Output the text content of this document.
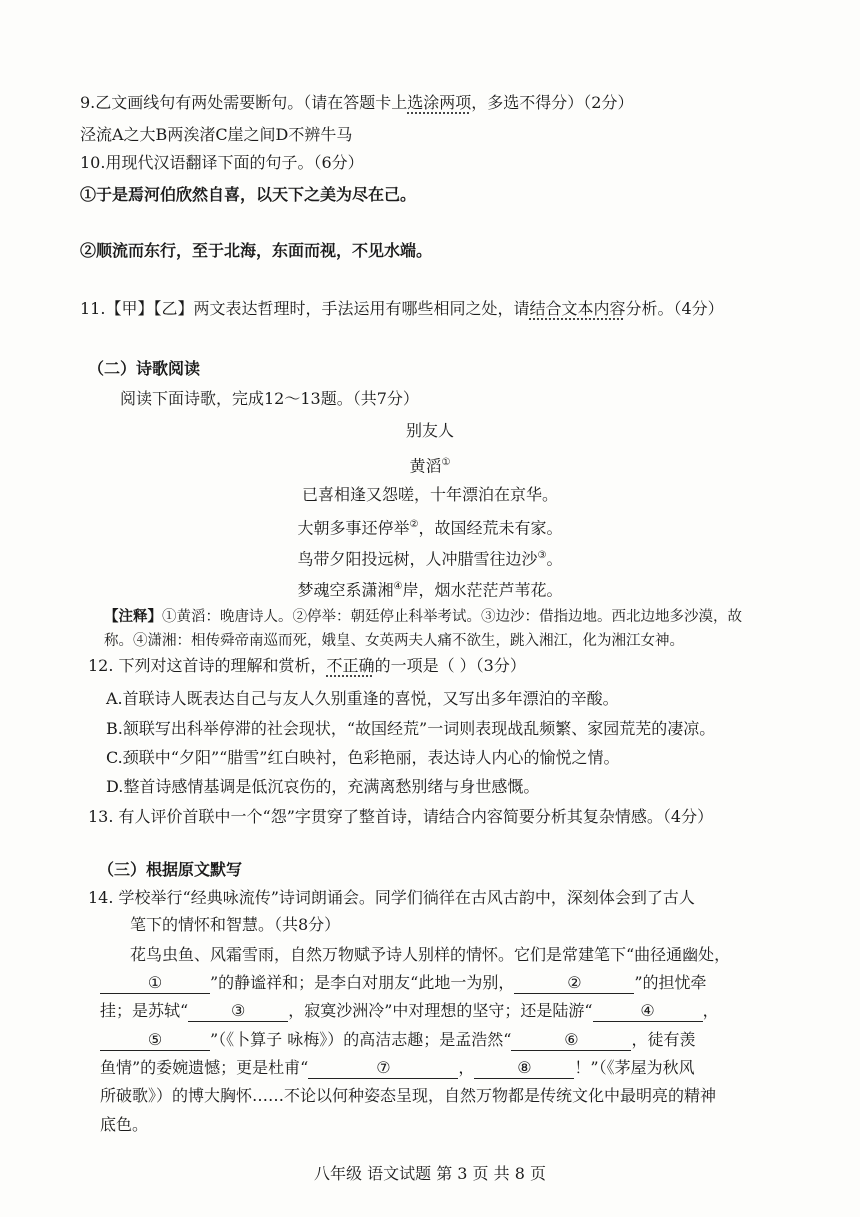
9.乙文画线句有两处需要断句。（请在答题卡上选涂两项，多选不得分）（2分）
泾流A之大B两涘渚C崖之间D不辨牛马
10.用现代汉语翻译下面的句子。（6分）
①于是焉河伯欣然自喜，以天下之美为尽在己。
②顺流而东行，至于北海，东面而视，不见水端。
11.【甲】【乙】两文表达哲理时，手法运用有哪些相同之处，请结合文本内容分析。（4分）
（二）诗歌阅读
阅读下面诗歌，完成12～13题。（共7分）
别友人
黄滔①
已喜相逢又怨嗟，十年漂泊在京华。
大朝多事还停举②，故国经荒未有家。
鸟带夕阳投远树，人冲腊雪往边沙③。
梦魂空系潇湘④岸，烟水茫茫芦苇花。
【注释】①黄滔：晚唐诗人。②停举：朝廷停止科举考试。③边沙：借指边地。西北边地多沙漠，故
称。④潇湘：相传舜帝南巡而死，娥皇、女英两夫人痛不欲生，跳入湘江，化为湘江女神。
12. 下列对这首诗的理解和赏析，不正确的一项是（ ）（3分）
A.首联诗人既表达自己与友人久别重逢的喜悦，又写出多年漂泊的辛酸。
B.颔联写出科举停滞的社会现状，“故国经荒”一词则表现战乱频繁、家园荒芜的凄凉。
C.颈联中“夕阳”“腊雪”红白映衬，色彩艳丽，表达诗人内心的愉悦之情。
D.整首诗感情基调是低沉哀伤的，充满离愁别绪与身世感慨。
13. 有人评价首联中一个“怨”字贯穿了整首诗，请结合内容简要分析其复杂情感。（4分）
（三）根据原文默写
14. 学校举行“经典咏流传”诗词朗诵会。同学们徜徉在古风古韵中，深刻体会到了古人
笔下的情怀和智慧。（共8分）
花鸟虫鱼、风霜雪雨，自然万物赋予诗人别样的情怀。它们是常建笔下“曲径通幽处，
①	”的静谧祥和；是李白对朋友“此地一为别，	②	”的担忧牵
挂；是苏轼“	③	，寂寞沙洲冷”中对理想的坚守；还是陆游“	④	，
⑤	”（《卜算子 咏梅》）的高洁志趣；是孟浩然“	⑥	，徒有羡
鱼情”的委婉遗憾；更是杜甫“	⑦	，	⑧	！”（《茅屋为秋风
所破歌》）的博大胸怀……不论以何种姿态呈现，自然万物都是传统文化中最明亮的精神
底色。
八年级 语文试题 第 3 页 共 8 页
